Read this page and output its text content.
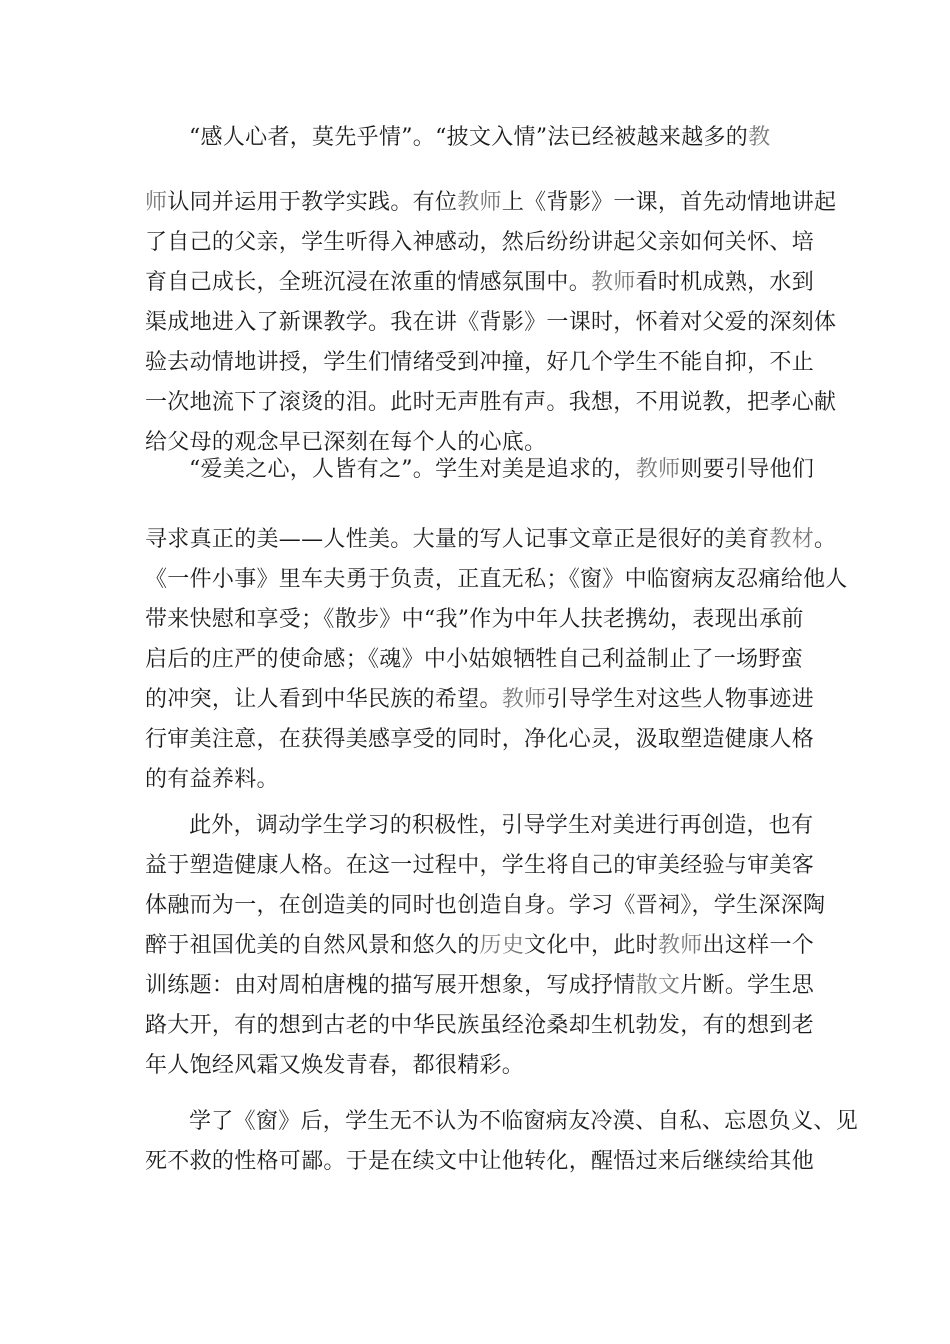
“感人心者，莫先乎情”。“披文入情”法已经被越来越多的教
师认同并运用于教学实践。有位教师上《背影》一课，首先动情地讲起
了自己的父亲，学生听得入神感动，然后纷纷讲起父亲如何关怀、培
育自己成长，全班沉浸在浓重的情感氛围中。教师看时机成熟，水到
渠成地进入了新课教学。我在讲《背影》一课时，怀着对父爱的深刻体
验去动情地讲授，学生们情绪受到冲撞，好几个学生不能自抑，不止
一次地流下了滚烫的泪。此时无声胜有声。我想，不用说教，把孝心献
给父母的观念早已深刻在每个人的心底。
“爱美之心，人皆有之”。学生对美是追求的，教师则要引导他们
寻求真正的美——人性美。大量的写人记事文章正是很好的美育教材。
《一件小事》里车夫勇于负责，正直无私；《窗》中临窗病友忍痛给他人
带来快慰和享受；《散步》中“我”作为中年人扶老携幼，表现出承前
启后的庄严的使命感；《魂》中小姑娘牺牲自己利益制止了一场野蛮
的冲突，让人看到中华民族的希望。教师引导学生对这些人物事迹进
行审美注意，在获得美感享受的同时，净化心灵，汲取塑造健康人格
的有益养料。
此外，调动学生学习的积极性，引导学生对美进行再创造，也有
益于塑造健康人格。在这一过程中，学生将自己的审美经验与审美客
体融而为一，在创造美的同时也创造自身。学习《晋祠》，学生深深陶
醉于祖国优美的自然风景和悠久的历史文化中，此时教师出这样一个
训练题：由对周柏唐槐的描写展开想象，写成抒情散文片断。学生思
路大开，有的想到古老的中华民族虽经沧桑却生机勃发，有的想到老
年人饱经风霜又焕发青春，都很精彩。
学了《窗》后，学生无不认为不临窗病友冷漠、自私、忘恩负义、见
死不救的性格可鄙。于是在续文中让他转化，醒悟过来后继续给其他
